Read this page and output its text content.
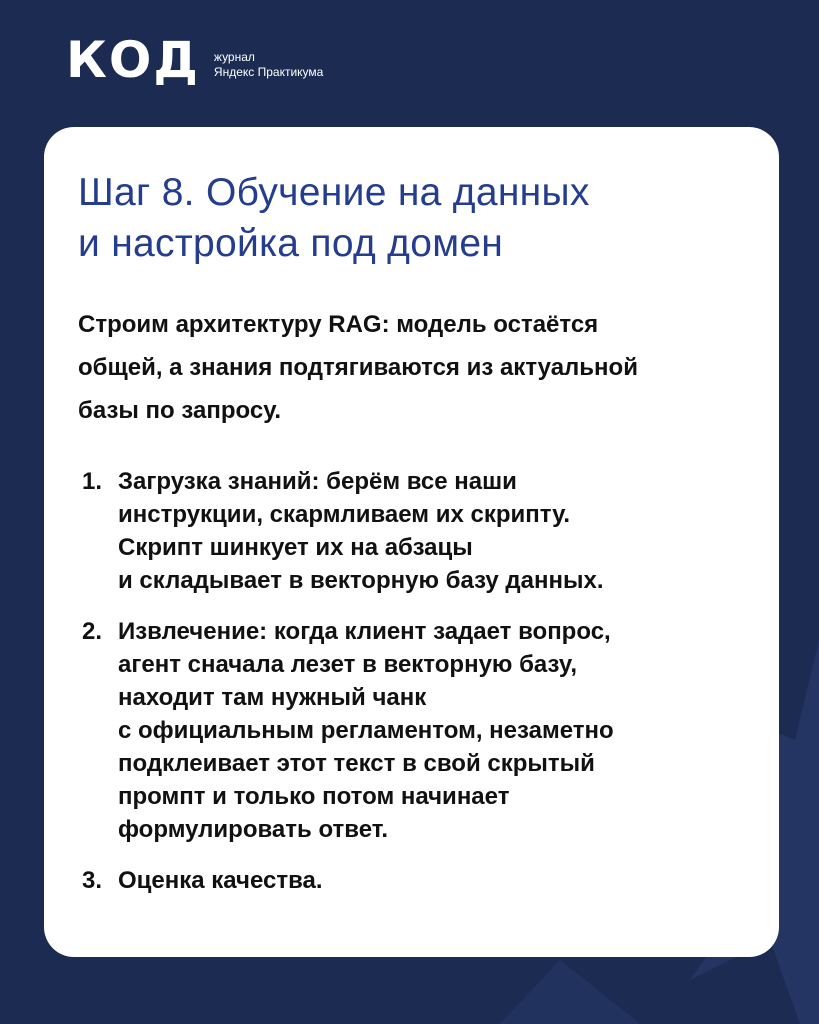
КОД журнал
Яндекс Практикума
Шаг 8. Обучение на данных
и настройка под домен
Строим архитектуру RAG: модель остаётся
общей, а знания подтягиваются из актуальной
базы по запросу.
1. Загрузка знаний: берём все наши
инструкции, скармливаем их скрипту.
Скрипт шинкует их на абзацы
и складывает в векторную базу данных.
2. Извлечение: когда клиент задает вопрос,
агент сначала лезет в векторную базу,
находит там нужный чанк
с официальным регламентом, незаметно
подклеивает этот текст в свой скрытый
промпт и только потом начинает
формулировать ответ.
3. Оценка качества.
